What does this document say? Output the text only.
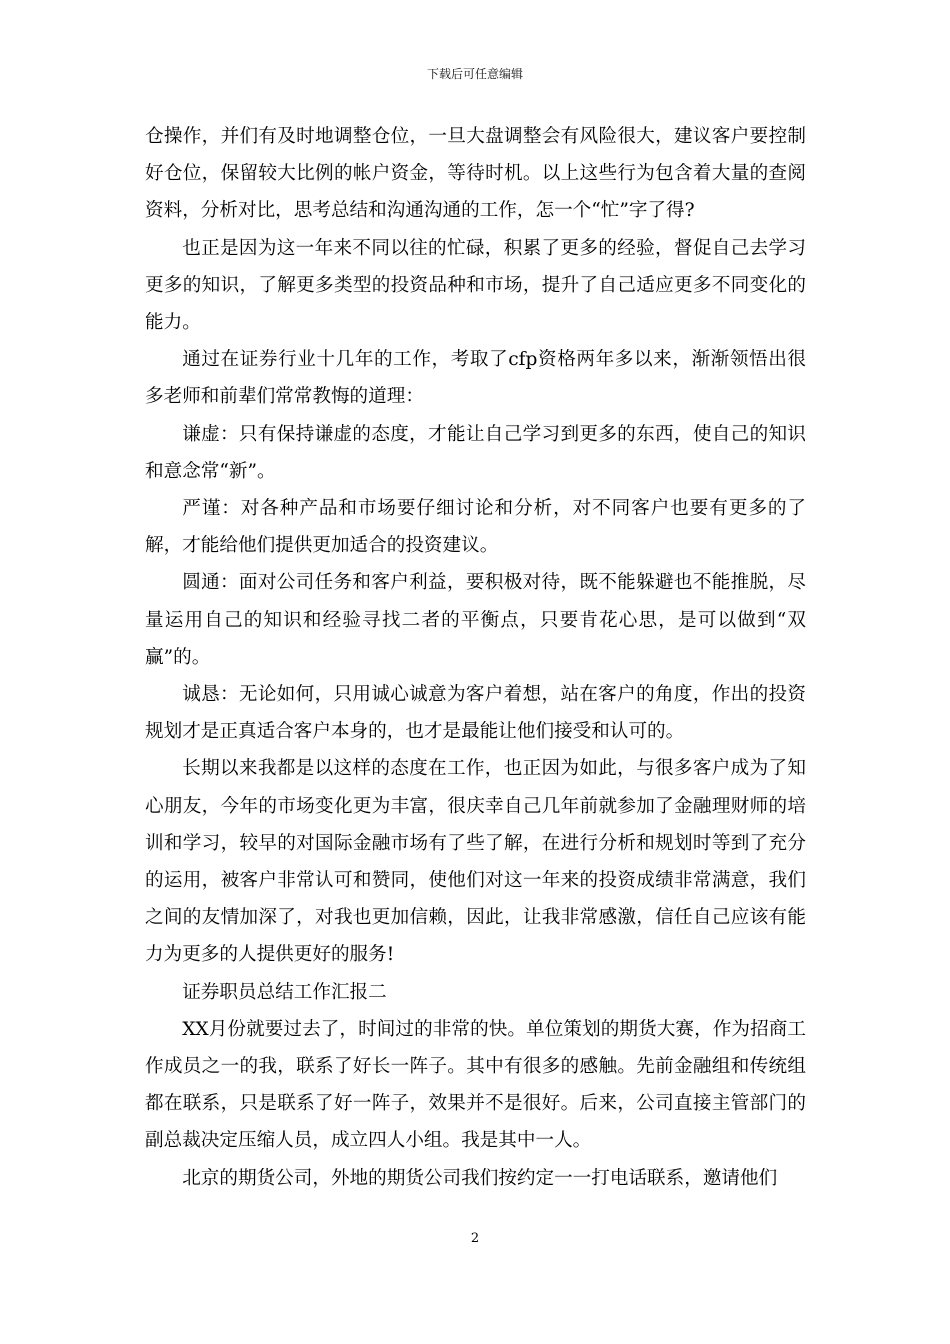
下载后可任意编辑

仓操作，并们有及时地调整仓位，一旦大盘调整会有风险很大，建议客户要控制好仓位，保留较大比例的帐户资金，等待时机。以上这些行为包含着大量的查阅资料，分析对比，思考总结和沟通沟通的工作，怎一个“忙”字了得?

也正是因为这一年来不同以往的忙碌，积累了更多的经验，督促自己去学习更多的知识，了解更多类型的投资品种和市场，提升了自己适应更多不同变化的能力。

通过在证券行业十几年的工作，考取了cfp资格两年多以来，渐渐领悟出很多老师和前辈们常常教悔的道理：

谦虚：只有保持谦虚的态度，才能让自己学习到更多的东西，使自己的知识和意念常“新”。

严谨：对各种产品和市场要仔细讨论和分析，对不同客户也要有更多的了解，才能给他们提供更加适合的投资建议。

圆通：面对公司任务和客户利益，要积极对待，既不能躲避也不能推脱，尽量运用自己的知识和经验寻找二者的平衡点，只要肯花心思，是可以做到“双赢”的。

诚恳：无论如何，只用诚心诚意为客户着想，站在客户的角度，作出的投资规划才是正真适合客户本身的，也才是最能让他们接受和认可的。

长期以来我都是以这样的态度在工作，也正因为如此，与很多客户成为了知心朋友，今年的市场变化更为丰富，很庆幸自己几年前就参加了金融理财师的培训和学习，较早的对国际金融市场有了些了解，在进行分析和规划时等到了充分的运用，被客户非常认可和赞同，使他们对这一年来的投资成绩非常满意，我们之间的友情加深了，对我也更加信赖，因此，让我非常感激，信任自己应该有能力为更多的人提供更好的服务!

证券职员总结工作汇报二

XX月份就要过去了，时间过的非常的快。单位策划的期货大赛，作为招商工作成员之一的我，联系了好长一阵子。其中有很多的感触。先前金融组和传统组都在联系，只是联系了好一阵子，效果并不是很好。后来，公司直接主管部门的副总裁决定压缩人员，成立四人小组。我是其中一人。

北京的期货公司，外地的期货公司我们按约定一一打电话联系，邀请他们

2
